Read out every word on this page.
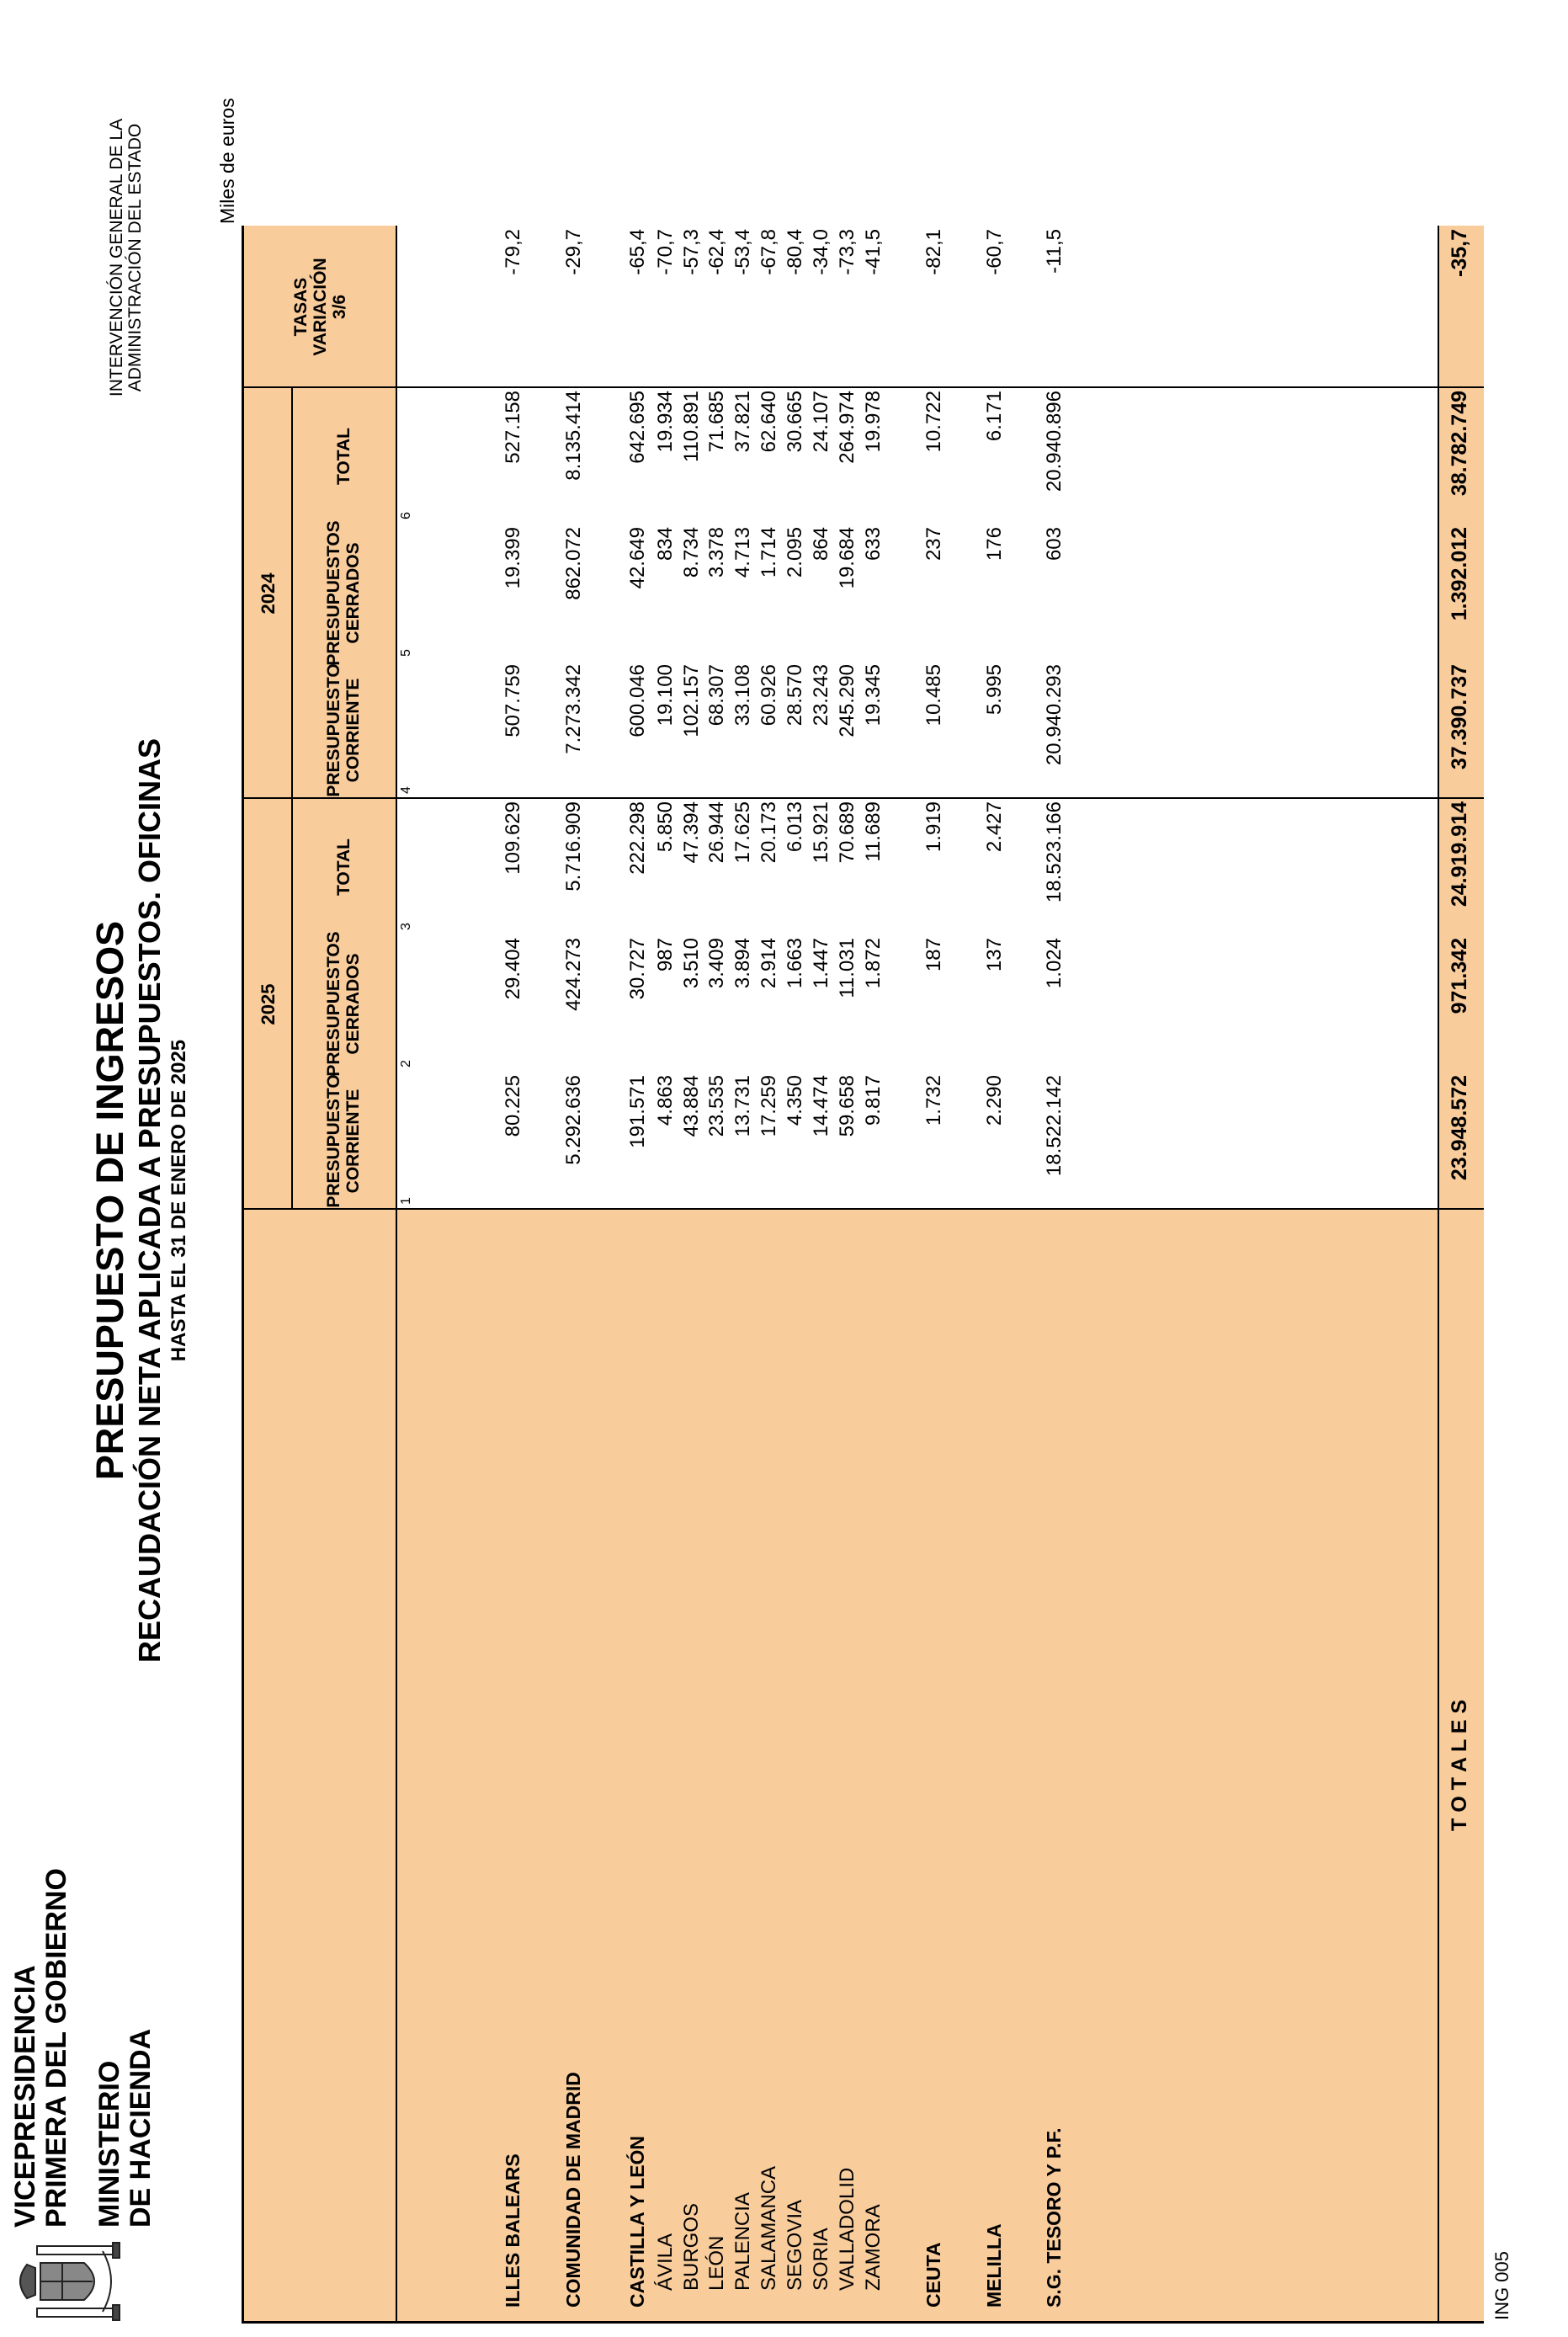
VICEPRESIDENCIA PRIMERA DEL GOBIERNO MINISTERIO DE HACIENDA
PRESUPUESTO DE INGRESOS RECAUDACIÓN NETA APLICADA A PRESUPUESTOS. OFICINAS HASTA EL 31 DE ENERO DE 2025
INTERVENCIÓN GENERAL DE LA ADMINISTRACIÓN DEL ESTADO	Miles de euros
2025
2024
PRESUPUESTO CORRIENTE
PRESUPUESTOS CERRADOS
TOTAL
PRESUPUESTO CORRIENTE
PRESUPUESTOS CERRADOS
TOTAL
TASAS VARIACIÓN 3/6
1
2
3
4
5
6
ILLES BALEARS
80.225
29.404
109.629
507.759
19.399
527.158
-79,2
COMUNIDAD DE MADRID
5.292.636
424.273
5.716.909
7.273.342
862.072
8.135.414
-29,7
CASTILLA Y LEÓN
191.571
30.727
222.298
600.046
42.649
642.695
-65,4
ÁVILA
4.863
987
5.850
19.100
834
19.934
-70,7
BURGOS
43.884
3.510
47.394
102.157
8.734
110.891
-57,3
LEÓN
23.535
3.409
26.944
68.307
3.378
71.685
-62,4
PALENCIA
13.731
3.894
17.625
33.108
4.713
37.821
-53,4
SALAMANCA
17.259
2.914
20.173
60.926
1.714
62.640
-67,8
SEGOVIA
4.350
1.663
6.013
28.570
2.095
30.665
-80,4
SORIA
14.474
1.447
15.921
23.243
864
24.107
-34,0
VALLADOLID
59.658
11.031
70.689
245.290
19.684
264.974
-73,3
ZAMORA
9.817
1.872
11.689
19.345
633
19.978
-41,5
CEUTA
1.732
187
1.919
10.485
237
10.722
-82,1
MELILLA
2.290
137
2.427
5.995
176
6.171
-60,7
S.G. TESORO Y P.F.
18.522.142
1.024
18.523.166
20.940.293
603
20.940.896
-11,5
T O T A L E S
23.948.572
971.342
24.919.914
37.390.737
1.392.012
38.782.749
-35,7
ING 005
